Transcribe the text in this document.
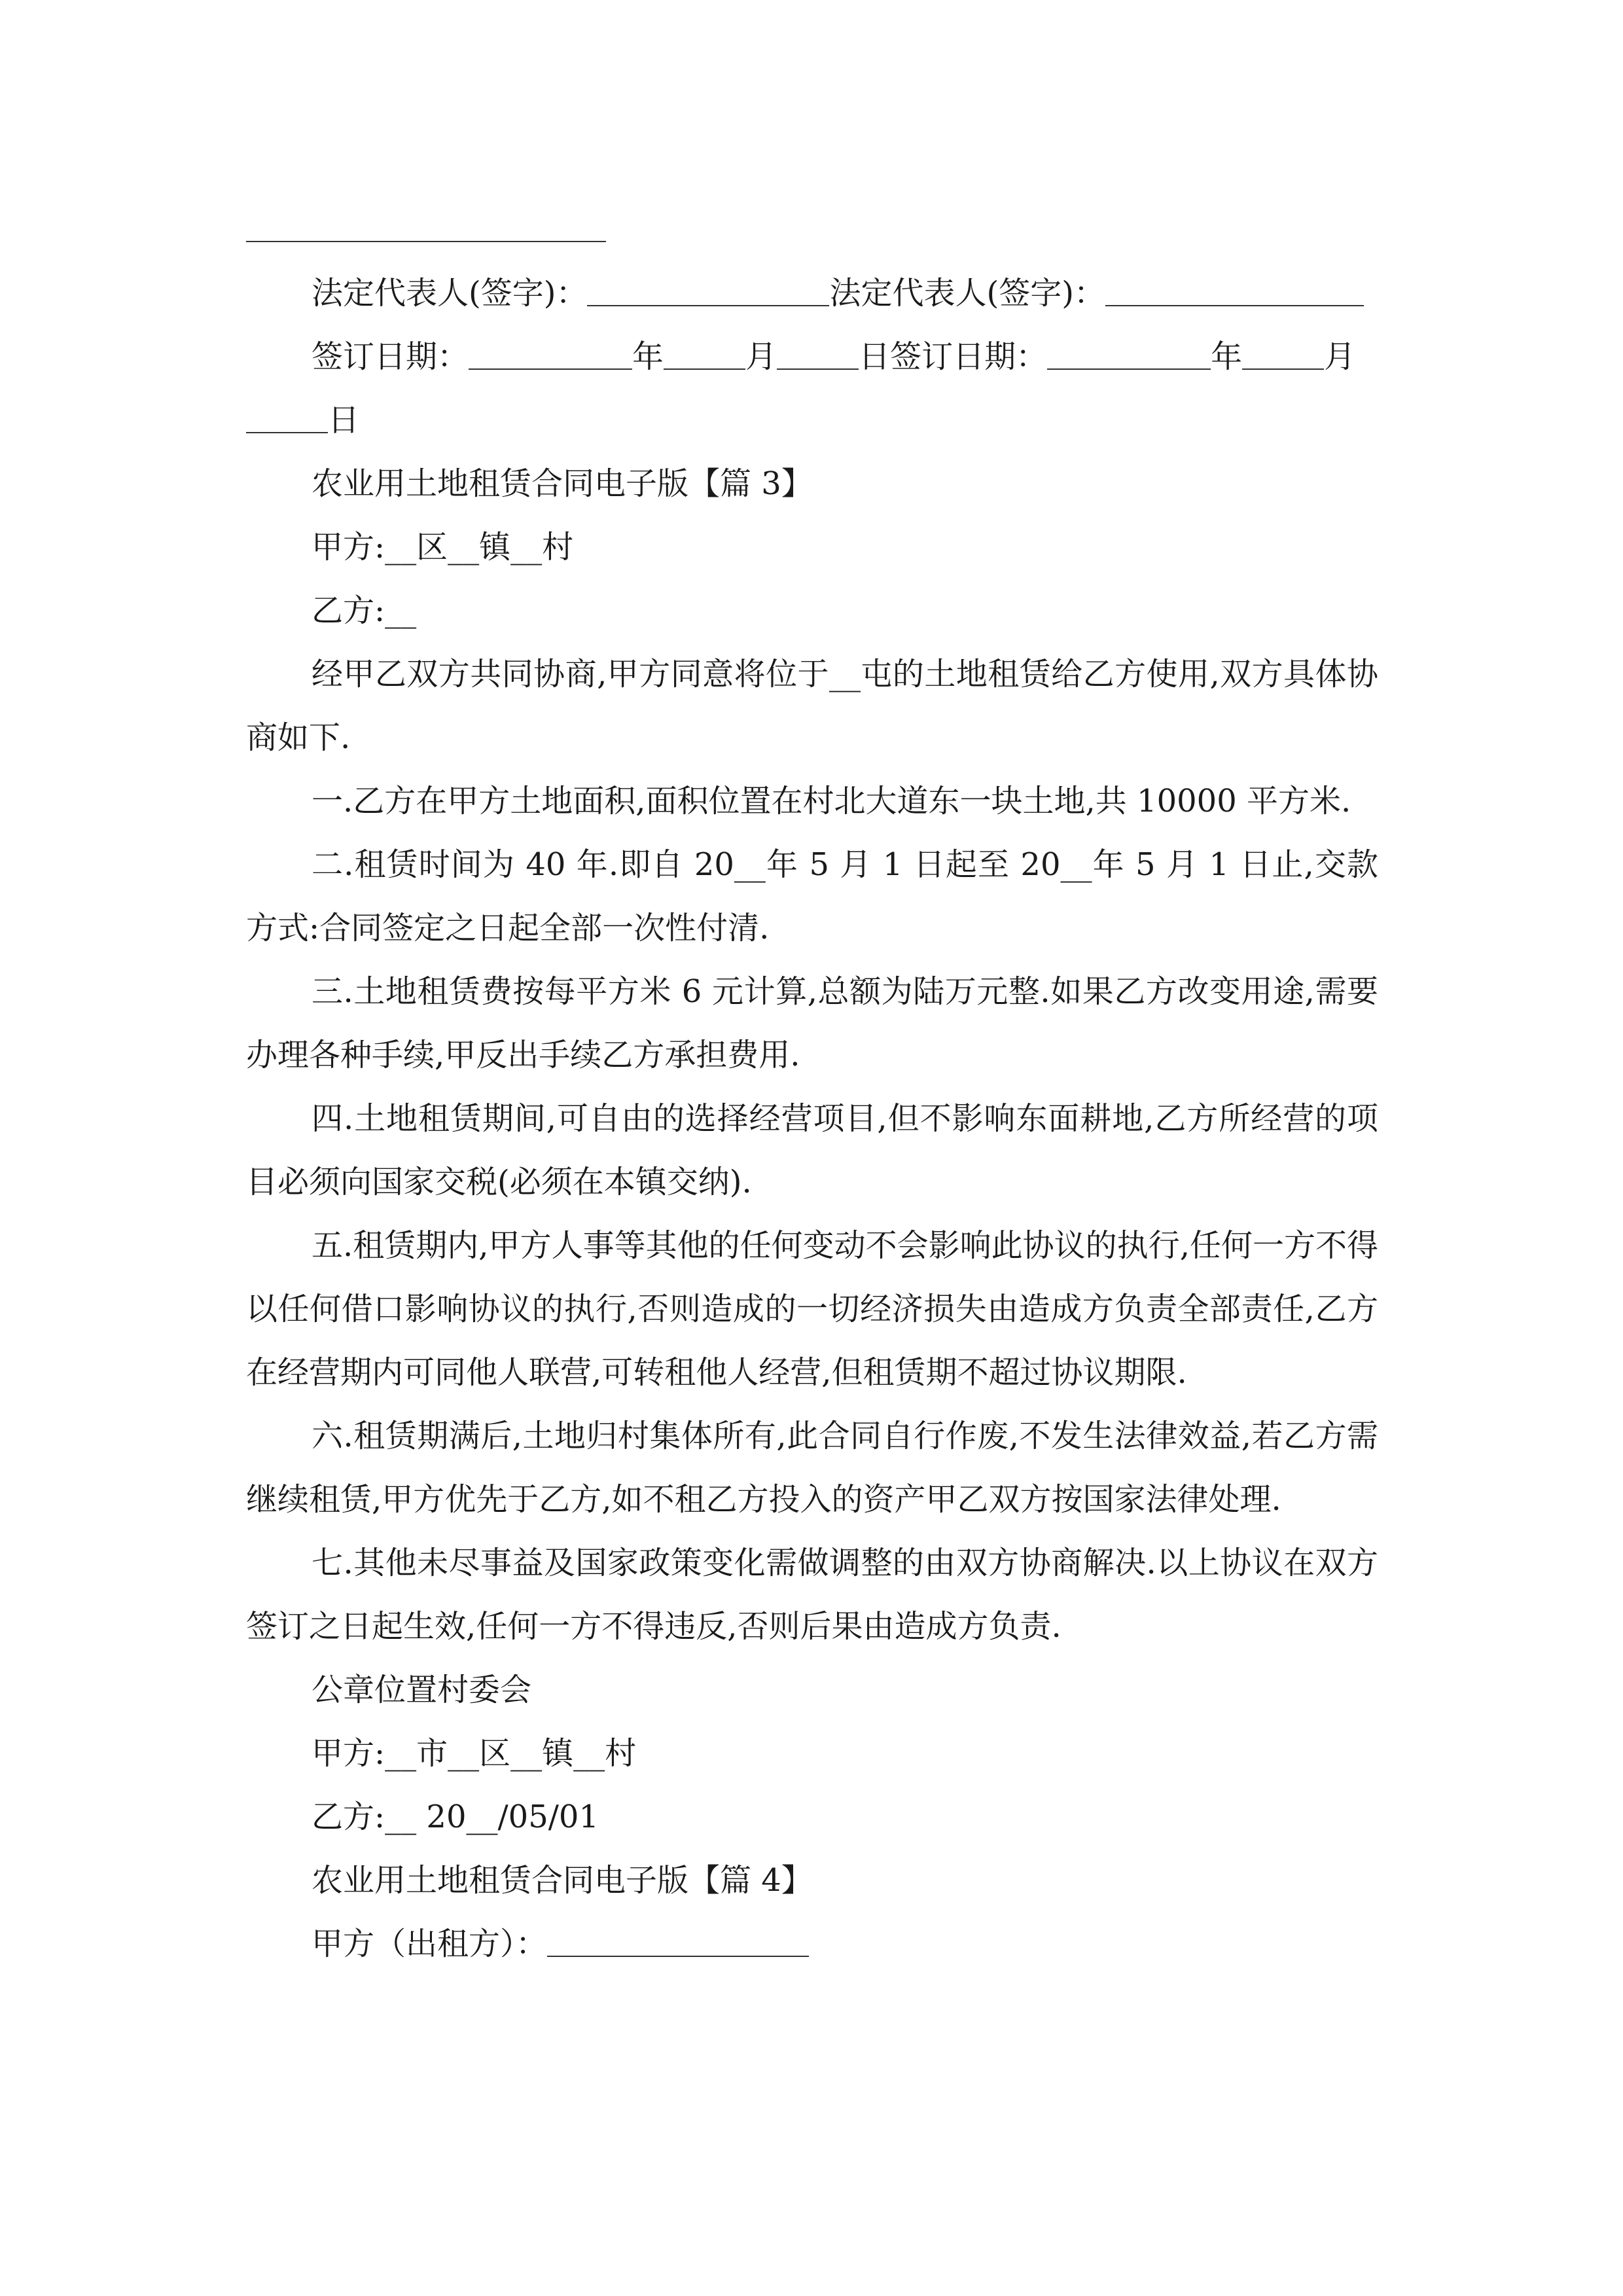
法定代表人(签字)：	法定代表人(签字)：

签订日期：	年	月	日签订日期：	年	月

日

农业用土地租赁合同电子版【篇 3】

甲方:__区__镇__村

乙方:__

经甲乙双方共同协商,甲方同意将位于__屯的土地租赁给乙方使用,双方具体协商如下.

一.乙方在甲方土地面积,面积位置在村北大道东一块土地,共 10000 平方米.

二.租赁时间为 40 年.即自 20__年 5 月 1 日起至 20__年 5 月 1 日止,交款方式:合同签定之日起全部一次性付清.

三.土地租赁费按每平方米 6 元计算,总额为陆万元整.如果乙方改变用途,需要办理各种手续,甲反出手续乙方承担费用.

四.土地租赁期间,可自由的选择经营项目,但不影响东面耕地,乙方所经营的项目必须向国家交税(必须在本镇交纳).

五.租赁期内,甲方人事等其他的任何变动不会影响此协议的执行,任何一方不得以任何借口影响协议的执行,否则造成的一切经济损失由造成方负责全部责任,乙方在经营期内可同他人联营,可转租他人经营,但租赁期不超过协议期限.

六.租赁期满后,土地归村集体所有,此合同自行作废,不发生法律效益,若乙方需继续租赁,甲方优先于乙方,如不租乙方投入的资产甲乙双方按国家法律处理.

七.其他未尽事益及国家政策变化需做调整的由双方协商解决.以上协议在双方签订之日起生效,任何一方不得违反,否则后果由造成方负责.

公章位置村委会

甲方:__市__区__镇__村

乙方:__ 20__/05/01

农业用土地租赁合同电子版【篇 4】

甲方（出租方）：
